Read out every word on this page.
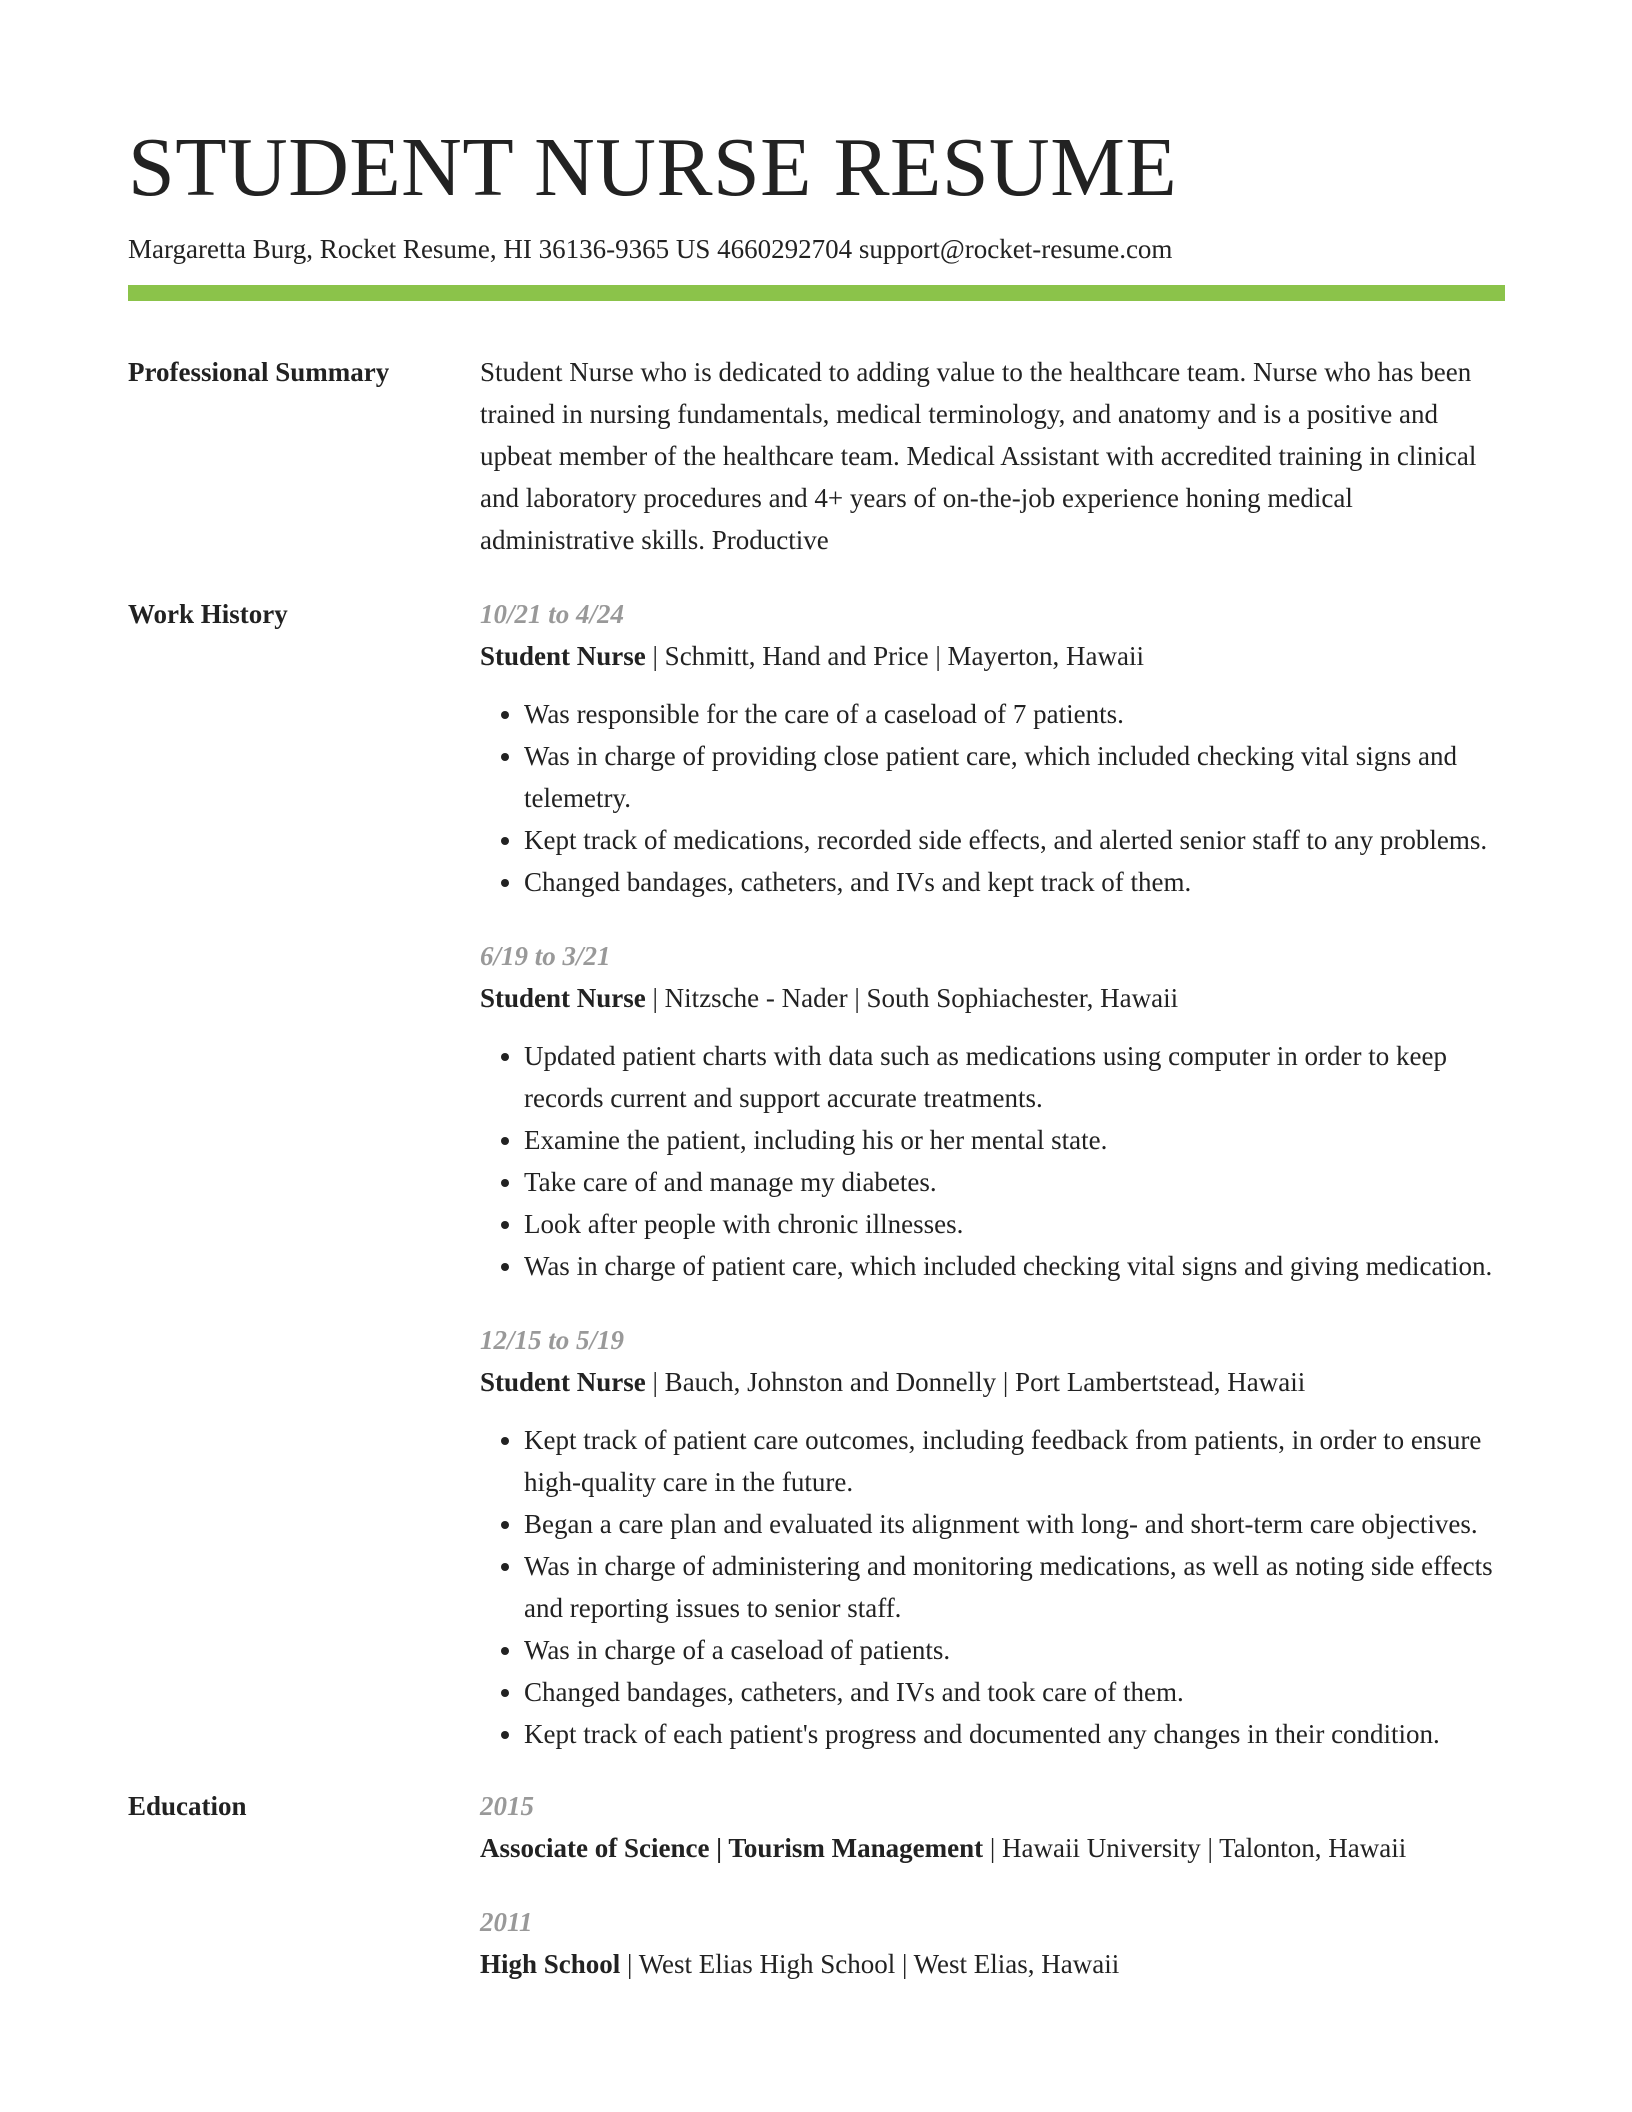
STUDENT NURSE RESUME
Margaretta Burg, Rocket Resume, HI 36136-9365 US 4660292704 support@rocket-resume.com
Professional Summary	Student Nurse who is dedicated to adding value to the healthcare team. Nurse who has been trained in nursing fundamentals, medical terminology, and anatomy and is a positive and upbeat member of the healthcare team. Medical Assistant with accredited training in clinical and laboratory procedures and 4+ years of on-the-job experience honing medical administrative skills. Productive
Work History	10/21 to 4/24
Student Nurse | Schmitt, Hand and Price | Mayerton, Hawaii
• Was responsible for the care of a caseload of 7 patients.
• Was in charge of providing close patient care, which included checking vital signs and telemetry.
• Kept track of medications, recorded side effects, and alerted senior staff to any problems.
• Changed bandages, catheters, and IVs and kept track of them.
6/19 to 3/21
Student Nurse | Nitzsche - Nader | South Sophiachester, Hawaii
• Updated patient charts with data such as medications using computer in order to keep records current and support accurate treatments.
• Examine the patient, including his or her mental state.
• Take care of and manage my diabetes.
• Look after people with chronic illnesses.
• Was in charge of patient care, which included checking vital signs and giving medication.
12/15 to 5/19
Student Nurse | Bauch, Johnston and Donnelly | Port Lambertstead, Hawaii
• Kept track of patient care outcomes, including feedback from patients, in order to ensure high-quality care in the future.
• Began a care plan and evaluated its alignment with long- and short-term care objectives.
• Was in charge of administering and monitoring medications, as well as noting side effects and reporting issues to senior staff.
• Was in charge of a caseload of patients.
• Changed bandages, catheters, and IVs and took care of them.
• Kept track of each patient's progress and documented any changes in their condition.
Education	2015
Associate of Science | Tourism Management | Hawaii University | Talonton, Hawaii
2011
High School | West Elias High School | West Elias, Hawaii
